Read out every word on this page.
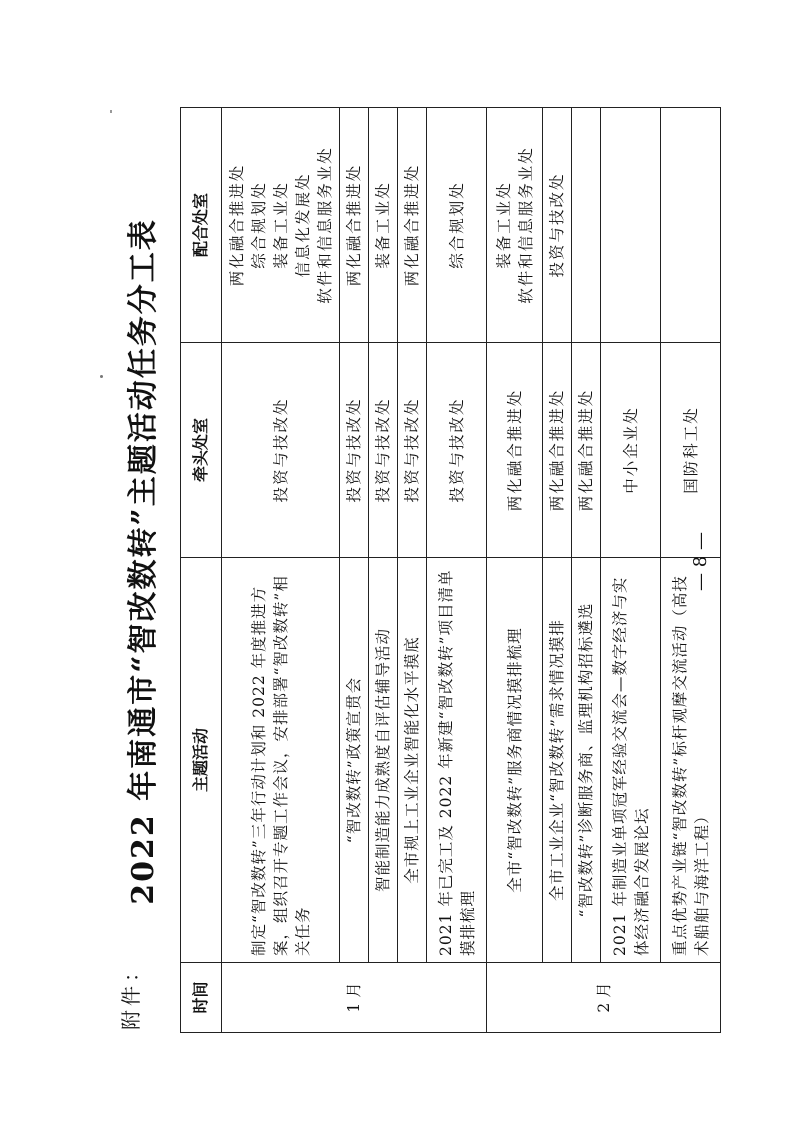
附件：
2022 年南通市“智改数转”主题活动任务分工表
时间	主题活动	牵头处室	配合处室
1 月	制定“智改数转”三年行动计划和 2022 年度推进方案，组织召开专题工作会议，安排部署“智改数转”相关任务	投资与技改处	两化融合推进处 综合规划处 装备工业处 信息化发展处 软件和信息服务业处

	“智改数转”政策宣贯会	投资与技改处	两化融合推进处
	智能制造能力成熟度自评估辅导活动	投资与技改处	装备工业处
	全市规上工业企业智能化水平摸底	投资与技改处	两化融合推进处
	2021 年已完工及 2022 年新建“智改数转”项目清单摸排梳理	投资与技改处	综合规划处
2 月	全市“智改数转”服务商情况摸排梳理	两化融合推进处	装备工业处 软件和信息服务业处

	全市工业企业“智改数转”需求情况摸排	两化融合推进处	投资与技改处
	“智改数转”诊断服务商、监理机构招标遴选	两化融合推进处	
	2021 年制造业单项冠军经验交流会—数字经济与实体经济融合发展论坛	中小企业处	
	重点优势产业链“智改数转”标杆观摩交流活动（高技术船舶与海洋工程）	国防科工处	
— 8 —
